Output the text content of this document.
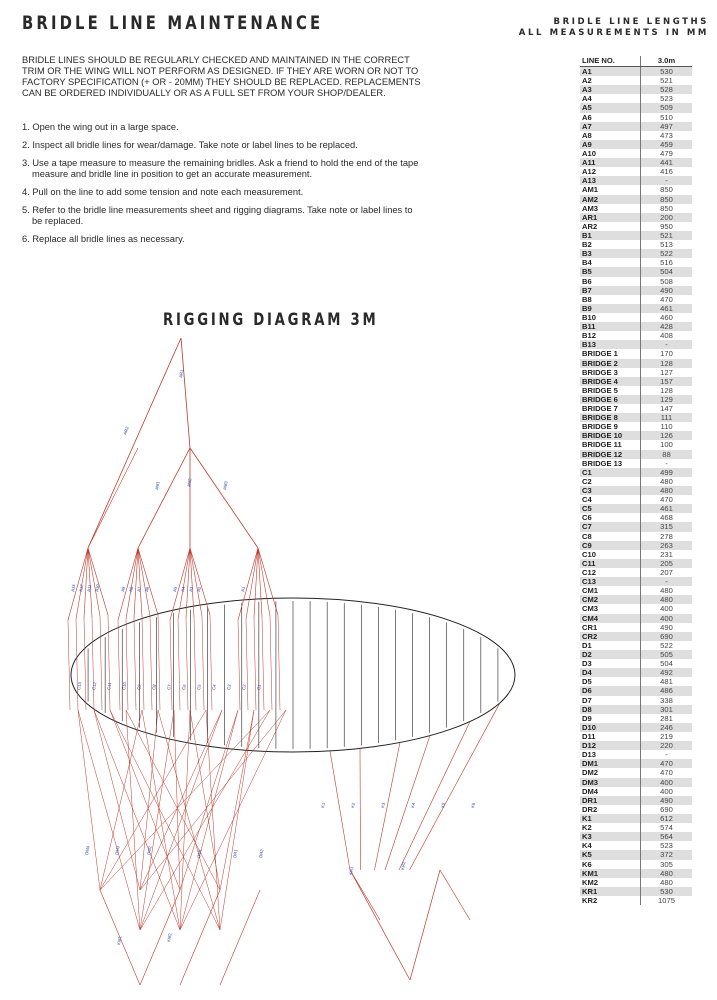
BRIDLE LINE MAINTENANCE	BRIDLE LINE LENGTHS
ALL MEASUREMENTS IN MM

BRIDLE LINES SHOULD BE REGULARLY CHECKED AND MAINTAINED IN THE CORRECT TRIM OR THE WING WILL NOT PERFORM AS DESIGNED. IF THEY ARE WORN OR NOT TO FACTORY SPECIFICATION (+ OR - 20MM) THEY SHOULD BE REPLACED. REPLACEMENTS CAN BE ORDERED INDIVIDUALLY OR AS A FULL SET FROM YOUR SHOP/DEALER.

1. Open the wing out in a large space.
2. Inspect all bridle lines for wear/damage. Take note or label lines to be replaced.
3. Use a tape measure to measure the remaining bridles. Ask a friend to hold the end of the tape measure and bridle line in position to get an accurate measurement.
4. Pull on the line to add some tension and note each measurement.
5. Refer to the bridle line measurements sheet and rigging diagrams. Take note or label lines to be replaced.
6. Replace all bridle lines as necessary.
RIGGING DIAGRAM 3M
AR1
AR2
AM1	AM2	AM3
A13 A12 A11 A10	A9 A8 A7 A6	A5 A4 A3 A2	A1
C13 C12 C11 C10 C9 C8 C7 C6 C5 C4 C3 C2 C1
K1	K2	K3	K4	K5	K6
DM4	DM3	DM2	DM1	DR1	DR2
KM1	KM2
KR1
KR2
LINE NO.	3.0m
A1	530
A2	521
A3	528
A4	523
A5	509
A6	510
A7	497
A8	473
A9	459
A10	479
A11	441
A12	416
A13	-
AM1	850
AM2	850
AM3	850
AR1	200
AR2	950
B1	521
B2	513
B3	522
B4	516
B5	504
B6	508
B7	490
B8	470
B9	461
B10	460
B11	428
B12	408
B13	-
BRIDGE 1	170
BRIDGE 2	128
BRIDGE 3	127
BRIDGE 4	157
BRIDGE 5	128
BRIDGE 6	129
BRIDGE 7	147
BRIDGE 8	111
BRIDGE 9	110
BRIDGE 10	126
BRIDGE 11	100
BRIDGE 12	88
BRIDGE 13	-
C1	499
C2	480
C3	480
C4	470
C5	461
C6	468
C7	315
C8	278
C9	263
C10	231
C11	205
C12	207
C13	-
CM1	480
CM2	480
CM3	400
CM4	400
CR1	490
CR2	690
D1	522
D2	505
D3	504
D4	492
D5	481
D6	486
D7	338
D8	301
D9	281
D10	246
D11	219
D12	220
D13	-
DM1	470
DM2	470
DM3	400
DM4	400
DR1	490
DR2	690
K1	612
K2	574
K3	564
K4	523
K5	372
K6	305
KM1	480
KM2	480
KR1	530
KR2	1075
